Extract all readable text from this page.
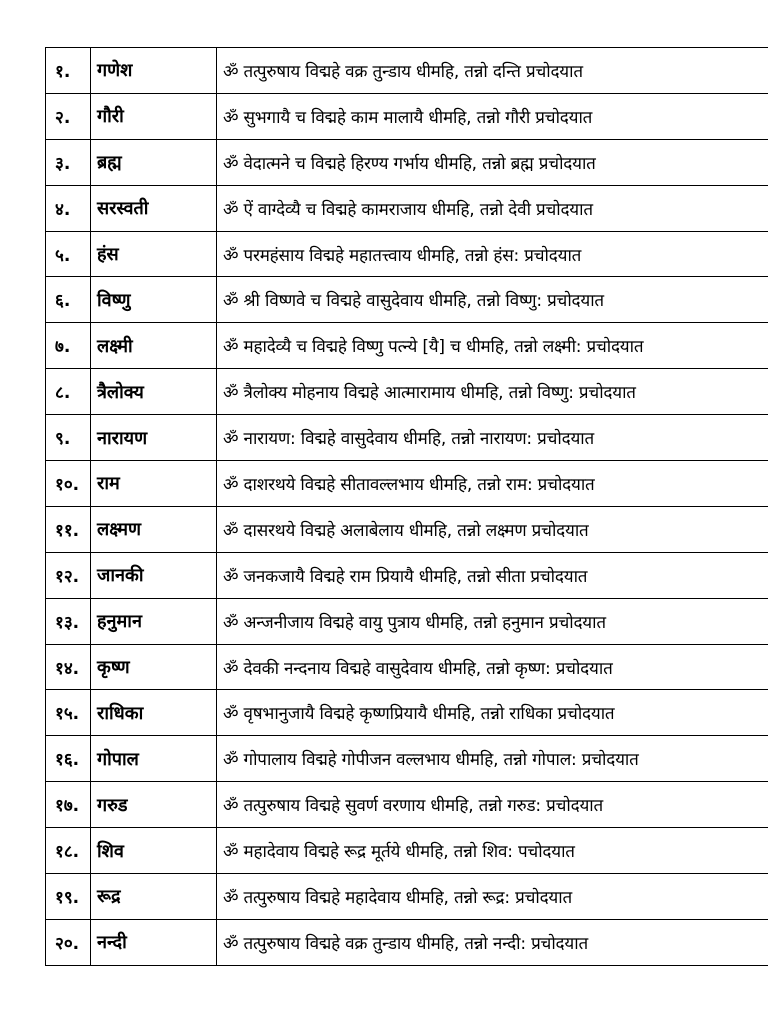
१.	गणेश	ॐ तत्पुरुषाय विद्महे वक्र तुन्डाय धीमहि, तन्नो दन्ति प्रचोदयात
२.	गौरी	ॐ सुभगायै च विद्महे काम मालायै धीमहि, तन्नो गौरी प्रचोदयात
३.	ब्रह्म	ॐ वेदात्मने च विद्महे हिरण्य गर्भाय धीमहि, तन्नो ब्रह्म प्रचोदयात
४.	सरस्वती	ॐ ऐं वाग्देव्यै च विद्महे कामराजाय धीमहि, तन्नो देवी प्रचोदयात
५.	हंस	ॐ परमहंसाय विद्महे महातत्त्वाय धीमहि, तन्नो हंस: प्रचोदयात
६.	विष्णु	ॐ श्री विष्णवे च विद्महे वासुदेवाय धीमहि, तन्नो विष्णु: प्रचोदयात
७.	लक्ष्मी	ॐ महादेव्यै च विद्महे विष्णु पत्न्ये [यै] च धीमहि, तन्नो लक्ष्मी: प्रचोदयात
८.	त्रैलोक्य	ॐ त्रैलोक्य मोहनाय विद्महे आत्मारामाय धीमहि, तन्नो विष्णु: प्रचोदयात
९.	नारायण	ॐ नारायण: विद्महे वासुदेवाय धीमहि, तन्नो नारायण: प्रचोदयात
१०.	राम	ॐ दाशरथये विद्महे सीतावल्लभाय धीमहि, तन्नो राम: प्रचोदयात
११.	लक्ष्मण	ॐ दासरथये विद्महे अलाबेलाय धीमहि, तन्नो लक्ष्मण प्रचोदयात
१२.	जानकी	ॐ जनकजायै विद्महे राम प्रियायै धीमहि, तन्नो सीता प्रचोदयात
१३.	हनुमान	ॐ अन्जनीजाय विद्महे वायु पुत्राय धीमहि, तन्नो हनुमान प्रचोदयात
१४.	कृष्ण	ॐ देवकी नन्दनाय विद्महे वासुदेवाय धीमहि, तन्नो कृष्ण: प्रचोदयात
१५.	राधिका	ॐ वृषभानुजायै विद्महे कृष्णप्रियायै धीमहि, तन्नो राधिका प्रचोदयात
१६.	गोपाल	ॐ गोपालाय विद्महे गोपीजन वल्लभाय धीमहि, तन्नो गोपाल: प्रचोदयात
१७.	गरुड	ॐ तत्पुरुषाय विद्महे सुवर्ण वरणाय धीमहि, तन्नो गरुड: प्रचोदयात
१८.	शिव	ॐ महादेवाय विद्महे रूद्र मूर्तये धीमहि, तन्नो शिव: पचोदयात
१९.	रूद्र	ॐ तत्पुरुषाय विद्महे महादेवाय धीमहि, तन्नो रूद्र: प्रचोदयात
२०.	नन्दी	ॐ तत्पुरुषाय विद्महे वक्र तुन्डाय धीमहि, तन्नो नन्दी: प्रचोदयात
